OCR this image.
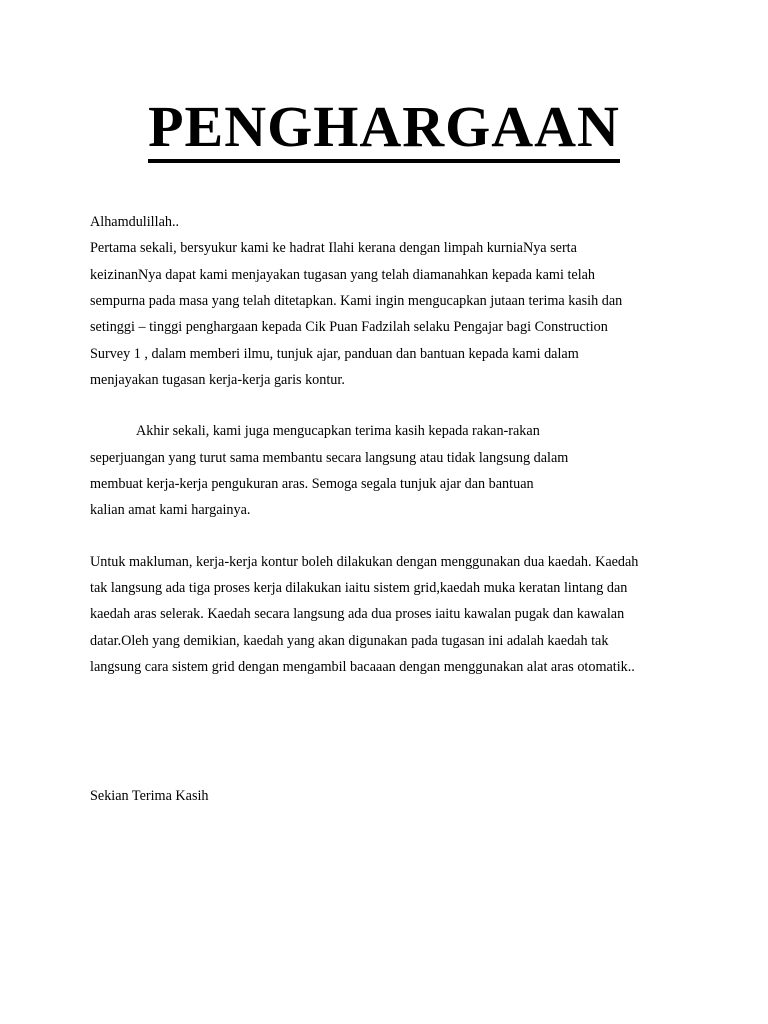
PENGHARGAAN
Alhamdulillah..
Pertama sekali, bersyukur kami ke hadrat Ilahi kerana dengan limpah kurniaNya serta
keizinanNya dapat kami menjayakan tugasan yang telah diamanahkan kepada kami telah
sempurna pada masa yang telah ditetapkan. Kami ingin mengucapkan jutaan terima kasih dan
setinggi – tinggi penghargaan kepada Cik Puan Fadzilah selaku Pengajar bagi Construction
Survey 1 , dalam memberi ilmu, tunjuk ajar, panduan dan bantuan kepada kami dalam
menjayakan tugasan kerja-kerja garis kontur.
Akhir sekali, kami juga mengucapkan terima kasih kepada rakan-rakan
seperjuangan yang turut sama membantu secara langsung atau tidak langsung dalam
membuat kerja-kerja pengukuran aras. Semoga segala tunjuk ajar dan bantuan
kalian amat kami hargainya.
Untuk makluman, kerja-kerja kontur boleh dilakukan dengan menggunakan dua kaedah. Kaedah
tak langsung ada tiga proses kerja dilakukan iaitu sistem grid,kaedah muka keratan lintang dan
kaedah aras selerak. Kaedah secara langsung ada dua proses iaitu kawalan pugak dan kawalan
datar.Oleh yang demikian, kaedah yang akan digunakan pada tugasan ini adalah kaedah tak
langsung cara sistem grid dengan mengambil bacaaan dengan menggunakan alat aras otomatik..
Sekian Terima Kasih
